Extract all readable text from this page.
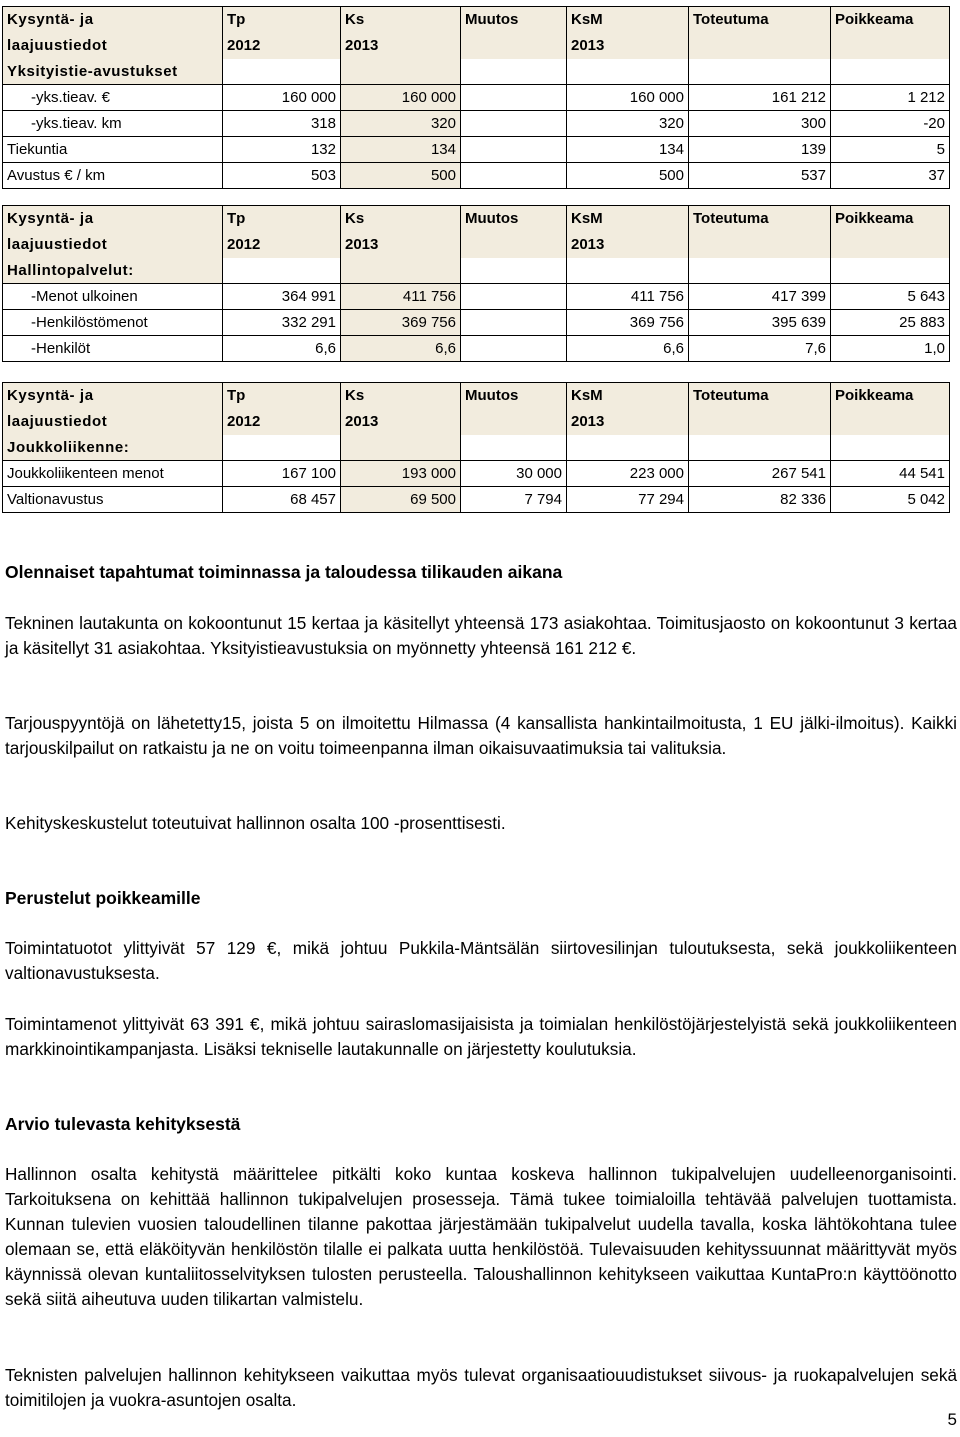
Kysyntä- ja	Tp	Ks	Muutos	KsM	Toteutuma	Poikkeama
laajuustiedot	2012	2013		2013		
Yksityistie-avustukset						
-yks.tieav. €	160 000	160 000		160 000	161 212	1 212
-yks.tieav. km	318	320		320	300	-20
Tiekuntia	132	134		134	139	5
Avustus € / km	503	500		500	537	37
Kysyntä- ja	Tp	Ks	Muutos	KsM	Toteutuma	Poikkeama
laajuustiedot	2012	2013		2013		
Hallintopalvelut:						
-Menot ulkoinen	364 991	411 756		411 756	417 399	5 643
-Henkilöstömenot	332 291	369 756		369 756	395 639	25 883
-Henkilöt	6,6	6,6		6,6	7,6	1,0
Kysyntä- ja	Tp	Ks	Muutos	KsM	Toteutuma	Poikkeama
laajuustiedot	2012	2013		2013		
Joukkoliikenne:						
Joukkoliikenteen menot	167 100	193 000	30 000	223 000	267 541	44 541
Valtionavustus	68 457	69 500	7 794	77 294	82 336	5 042
Olennaiset tapahtumat toiminnassa ja taloudessa tilikauden aikana

Tekninen lautakunta on kokoontunut 15 kertaa ja käsitellyt yhteensä 173 asiakohtaa. Toimitusjaosto on kokoontunut 3 kertaa ja käsitellyt 31 asiakohtaa. Yksityistieavustuksia on myönnetty yhteensä 161 212 €.

Tarjouspyyntöjä on lähetetty15, joista 5 on ilmoitettu Hilmassa (4 kansallista hankintailmoitusta, 1 EU jälki-ilmoitus). Kaikki tarjouskilpailut on ratkaistu ja ne on voitu toimeenpanna ilman oikaisuvaatimuksia tai valituksia.

Kehityskeskustelut toteutuivat hallinnon osalta 100 -prosenttisesti.

Perustelut poikkeamille

Toimintatuotot ylittyivät 57 129 €, mikä johtuu Pukkila-Mäntsälän siirtovesilinjan tuloutuksesta, sekä joukkoliikenteen valtionavustuksesta.

Toimintamenot ylittyivät 63 391 €, mikä johtuu sairaslomasijaisista ja toimialan henkilöstöjärjestelyistä sekä joukkoliikenteen markkinointikampanjasta. Lisäksi tekniselle lautakunnalle on järjestetty koulutuksia.

Arvio tulevasta kehityksestä

Hallinnon osalta kehitystä määrittelee pitkälti koko kuntaa koskeva hallinnon tukipalvelujen uudelleenorganisointi. Tarkoituksena on kehittää hallinnon tukipalvelujen prosesseja. Tämä tukee toimialoilla tehtävää palvelujen tuottamista. Kunnan tulevien vuosien taloudellinen tilanne pakottaa järjestämään tukipalvelut uudella tavalla, koska lähtökohtana tulee olemaan se, että eläköityvän henkilöstön tilalle ei palkata uutta henkilöstöä. Tulevaisuuden kehityssuunnat määrittyvät myös käynnissä olevan kuntaliitosselvityksen tulosten perusteella. Taloushallinnon kehitykseen vaikuttaa KuntaPro:n käyttöönotto sekä siitä aiheutuva uuden tilikartan valmistelu.

Teknisten palvelujen hallinnon kehitykseen vaikuttaa myös tulevat organisaatiouudistukset siivous- ja ruokapalvelujen sekä toimitilojen ja vuokra-asuntojen osalta.

5
